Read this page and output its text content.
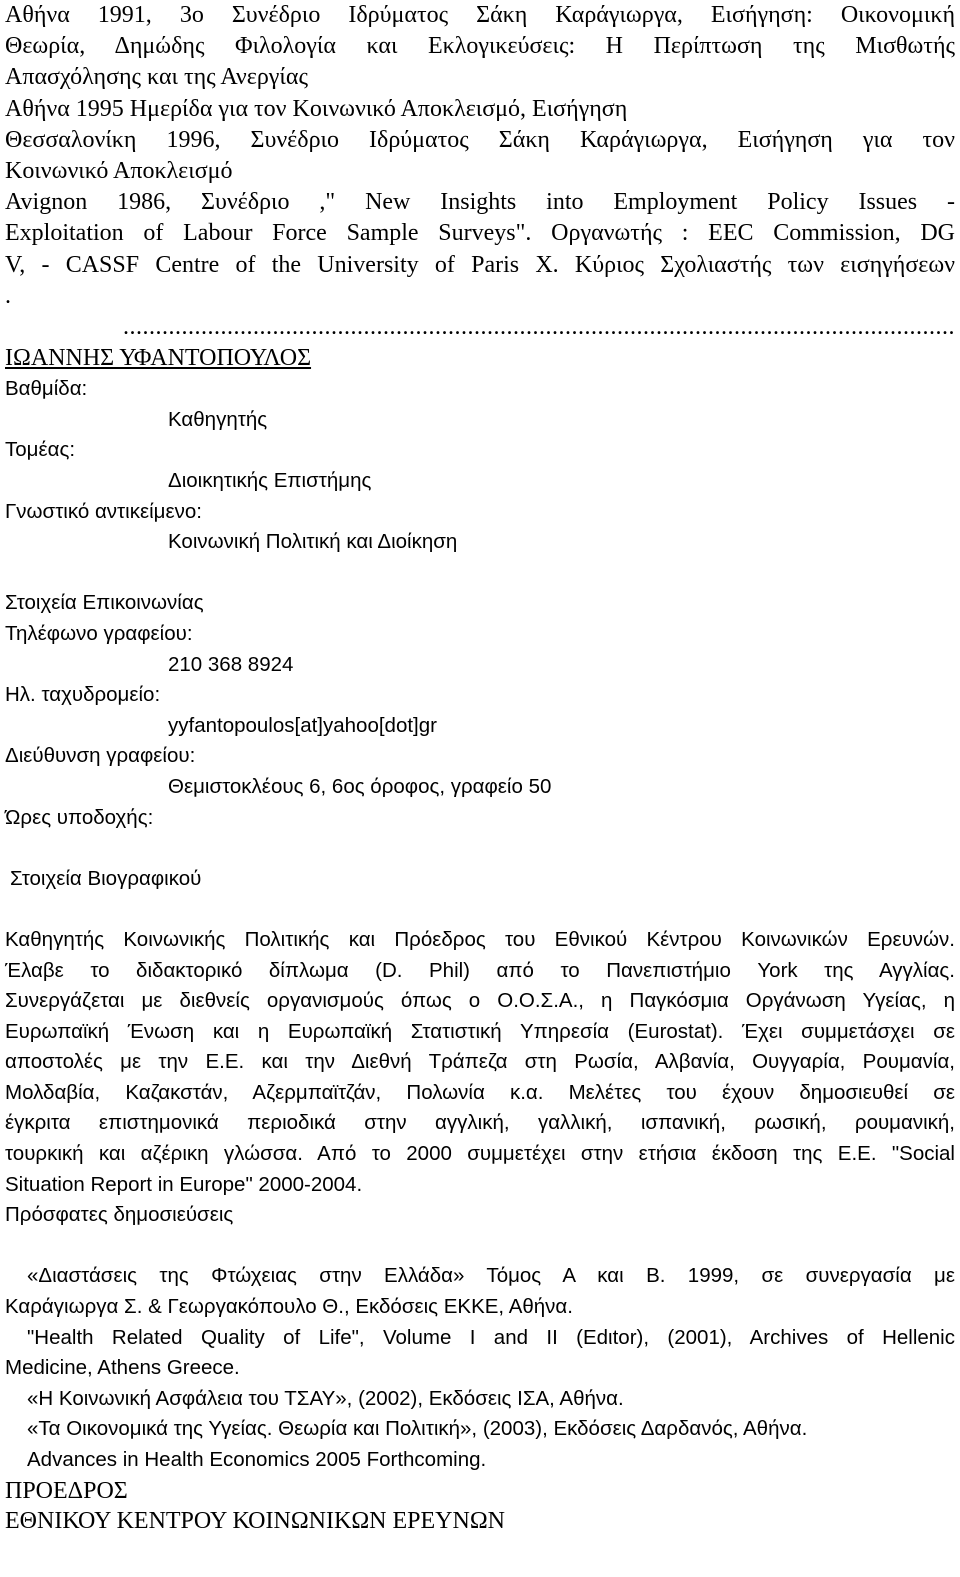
Αθήνα 1991, 3ο Συνέδριο Ιδρύματος Σάκη Καράγιωργα, Εισήγηση: Οικονομική
Θεωρία, Δημώδης Φιλολογία και Εκλογικεύσεις: Η Περίπτωση της Μισθωτής
Απασχόλησης και της Ανεργίας
Αθήνα 1995 Ημερίδα για τον Κοινωνικό Αποκλεισμό, Εισήγηση
Θεσσαλονίκη 1996, Συνέδριο Ιδρύματος Σάκη Καράγιωργα, Εισήγηση για τον
Κοινωνικό Αποκλεισμό
Avignon 1986, Συνέδριο ," New Insights into Employment Policy Issues -
Exploitation of Labour Force Sample Surveys". Οργανωτής : EEC Commission, DG
V, - CASSF Centre of the University of Paris X. Κύριος Σχολιαστής των εισηγήσεων
.
................................................................................................................................
ΙΩΑΝΝΗΣ ΥΦΑΝΤΟΠΟΥΛΟΣ
Βαθμίδα:
Καθηγητής
Τομέας:
Διοικητικής Επιστήμης
Γνωστικό αντικείμενο:
Κοινωνική Πολιτική και Διοίκηση
Στοιχεία Επικοινωνίας
Τηλέφωνο γραφείου:
210 368 8924
Ηλ. ταχυδρομείο:
yyfantopoulos[at]yahoo[dot]gr
Διεύθυνση γραφείου:
Θεμιστοκλέους 6, 6ος όροφος, γραφείο 50
Ώρες υποδοχής:
Στοιχεία Βιογραφικού
Καθηγητής Κοινωνικής Πολιτικής και Πρόεδρος του Εθνικού Κέντρου Κοινωνικών Ερευνών.
Έλαβε το διδακτορικό δίπλωμα (D. Phil) από το Πανεπιστήμιο York της Αγγλίας.
Συνεργάζεται με διεθνείς οργανισμούς όπως ο Ο.Ο.Σ.Α., η Παγκόσμια Οργάνωση Υγείας, η
Ευρωπαϊκή Ένωση και η Ευρωπαϊκή Στατιστική Υπηρεσία (Eurostat). Έχει συμμετάσχει σε
αποστολές με την Ε.Ε. και την Διεθνή Τράπεζα στη Ρωσία, Αλβανία, Ουγγαρία, Ρουμανία,
Μολδαβία, Καζακστάν, Αζερμπαϊτζάν, Πολωνία κ.α. Μελέτες του έχουν δημοσιευθεί σε
έγκριτα επιστημονικά περιοδικά στην αγγλική, γαλλική, ισπανική, ρωσική, ρουμανική,
τουρκική και αζέρικη γλώσσα. Από το 2000 συμμετέχει στην ετήσια έκδοση της Ε.Ε. "Social
Situation Report in Europe" 2000-2004.
Πρόσφατες δημοσιεύσεις
«Διαστάσεις της Φτώχειας στην Ελλάδα» Τόμος Α και Β. 1999, σε συνεργασία με
Καράγιωργα Σ. & Γεωργακόπουλο Θ., Εκδόσεις ΕΚΚΕ, Αθήνα.
"Health Related Quality of Life", Volume I and II (Edιtor), (2001), Archives of Hellenic
Medicine, Athens Greece.
«Η Κοινωνική Ασφάλεια του ΤΣΑΥ», (2002), Εκδόσεις ΙΣΑ, Αθήνα.
«Τα Οικονομικά της Υγείας. Θεωρία και Πολιτική», (2003), Εκδόσεις Δαρδανός, Αθήνα.
Advances in Health Economics 2005 Forthcoming.
ΠΡΟΕΔΡΟΣ
ΕΘΝΙΚΟΥ ΚΕΝΤΡΟΥ ΚΟΙΝΩΝΙΚΩΝ ΕΡΕΥΝΩΝ
